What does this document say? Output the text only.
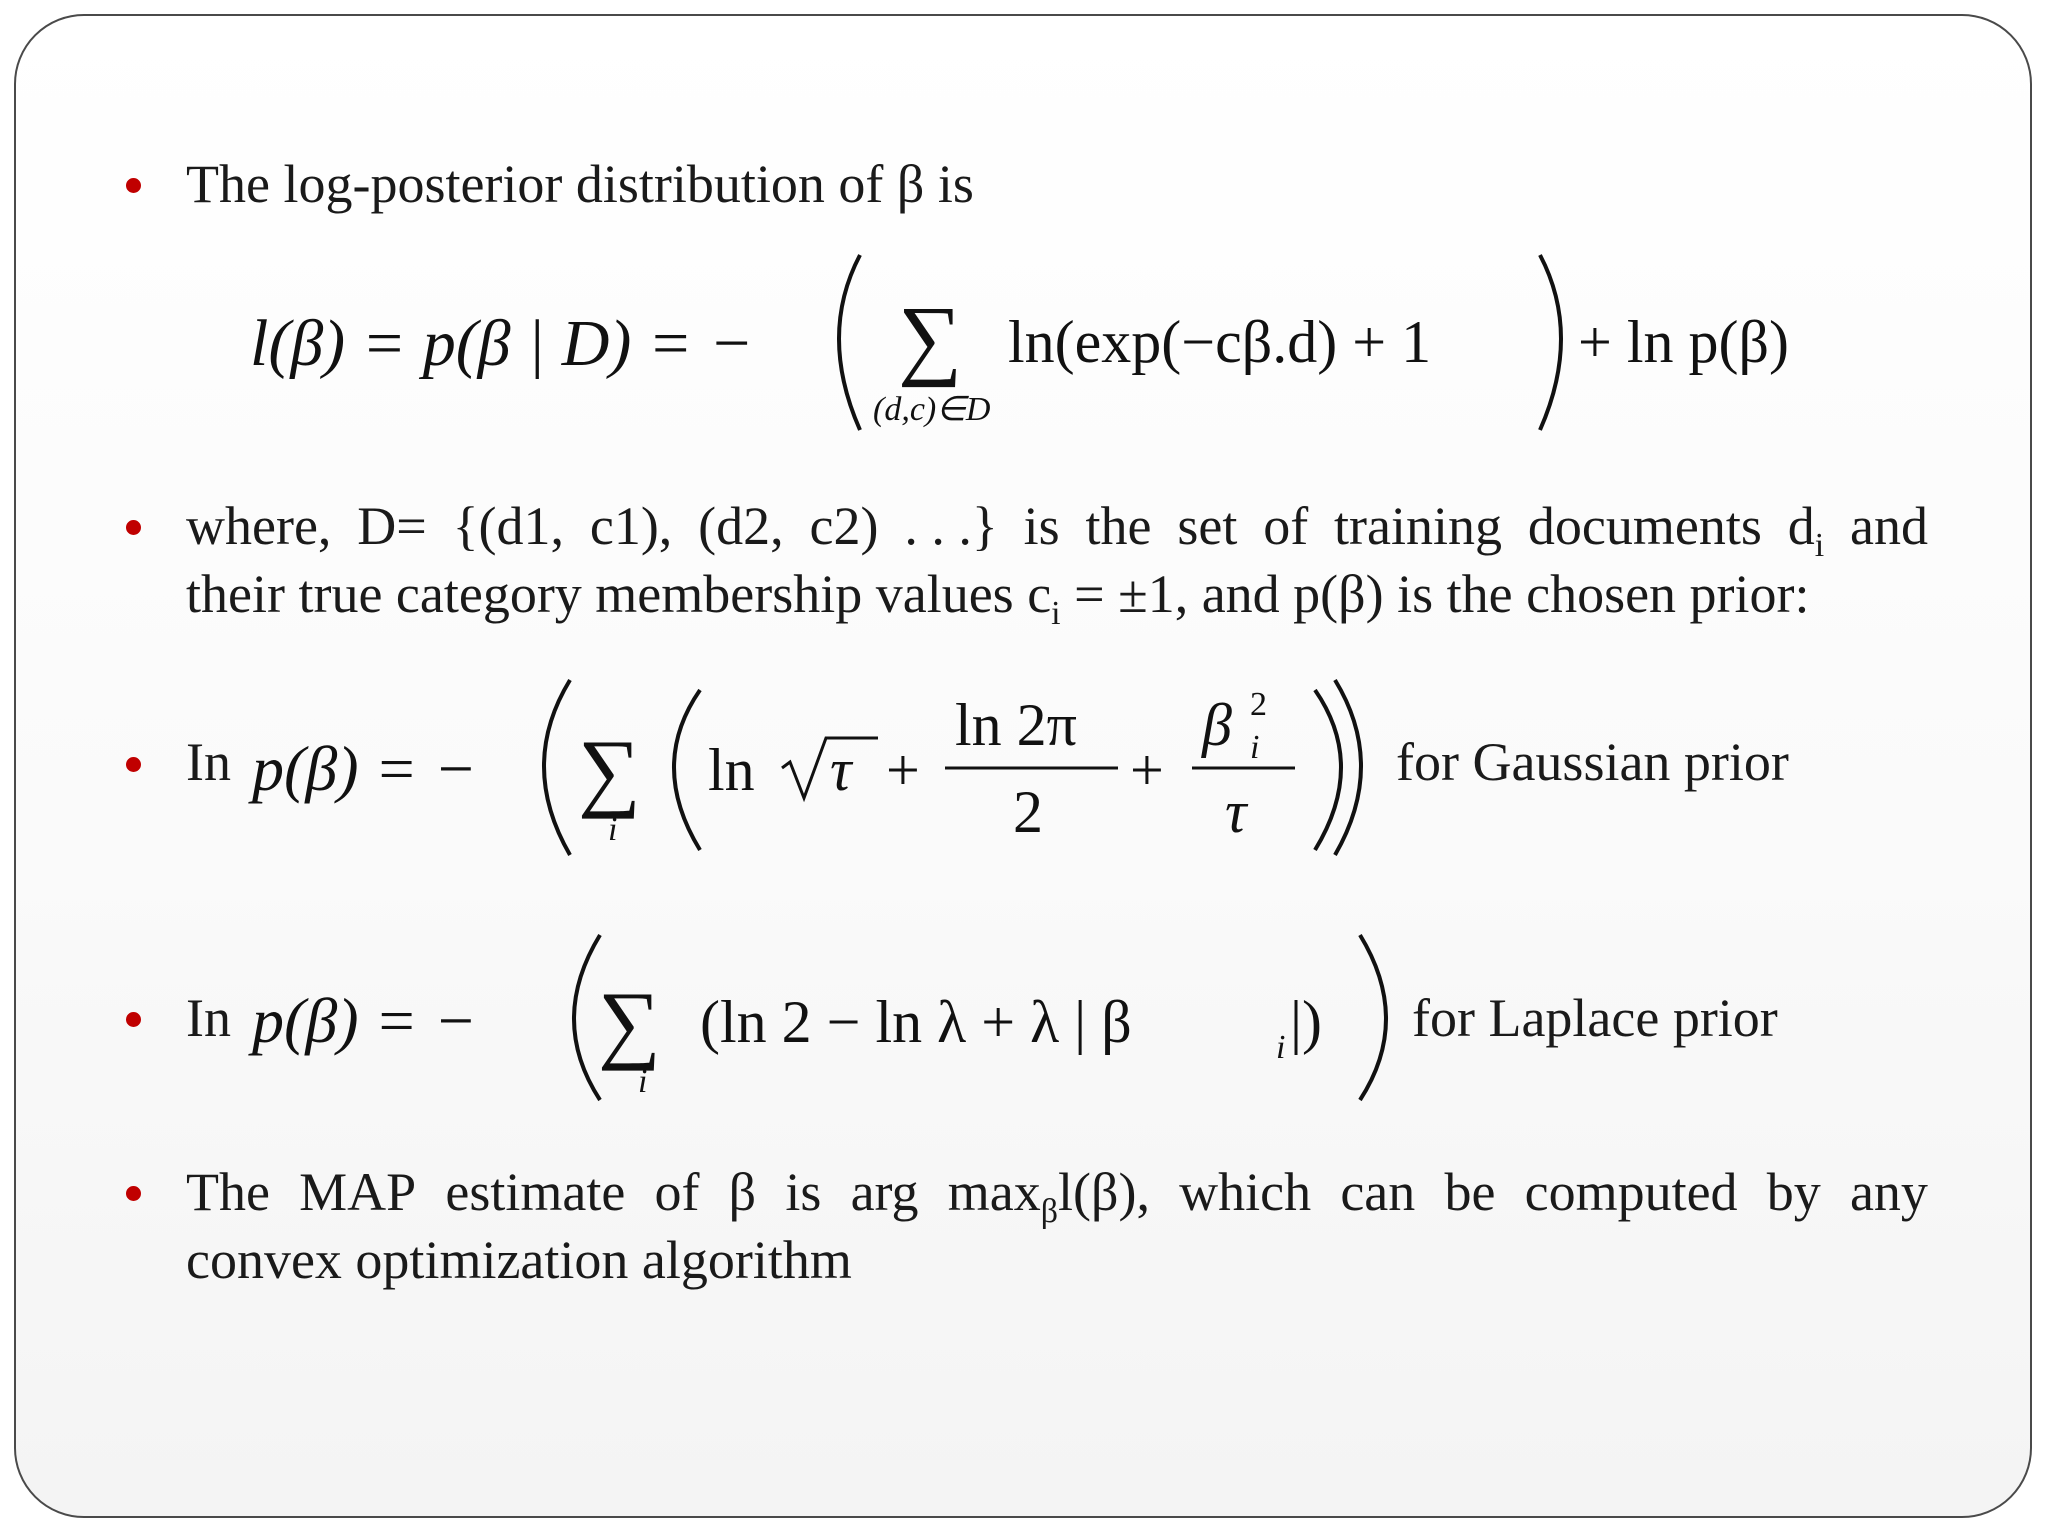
The log-posterior distribution of β is
l(β) = p(β | D) = − ∑
(d,c)∈D
ln(exp(−cβ.d) + 1 + ln p(β)
where, D= {(d1, c1), (d2, c2) . . .} is the set of training documents $d_i$ and
their true category membership values $c_i = \pm 1$, and p(β) is the chosen prior:
In p(β) = − ∑
i
ln τ +
ln 2π
2
+
β 2
i
τ
for Gaussian prior
In p(β) = − ∑
i
(ln 2 − ln λ + λ | β	i |) for Laplace prior
The MAP estimate of β is arg $\max_\beta l(\beta)$, which can be computed by any
convex optimization algorithm
